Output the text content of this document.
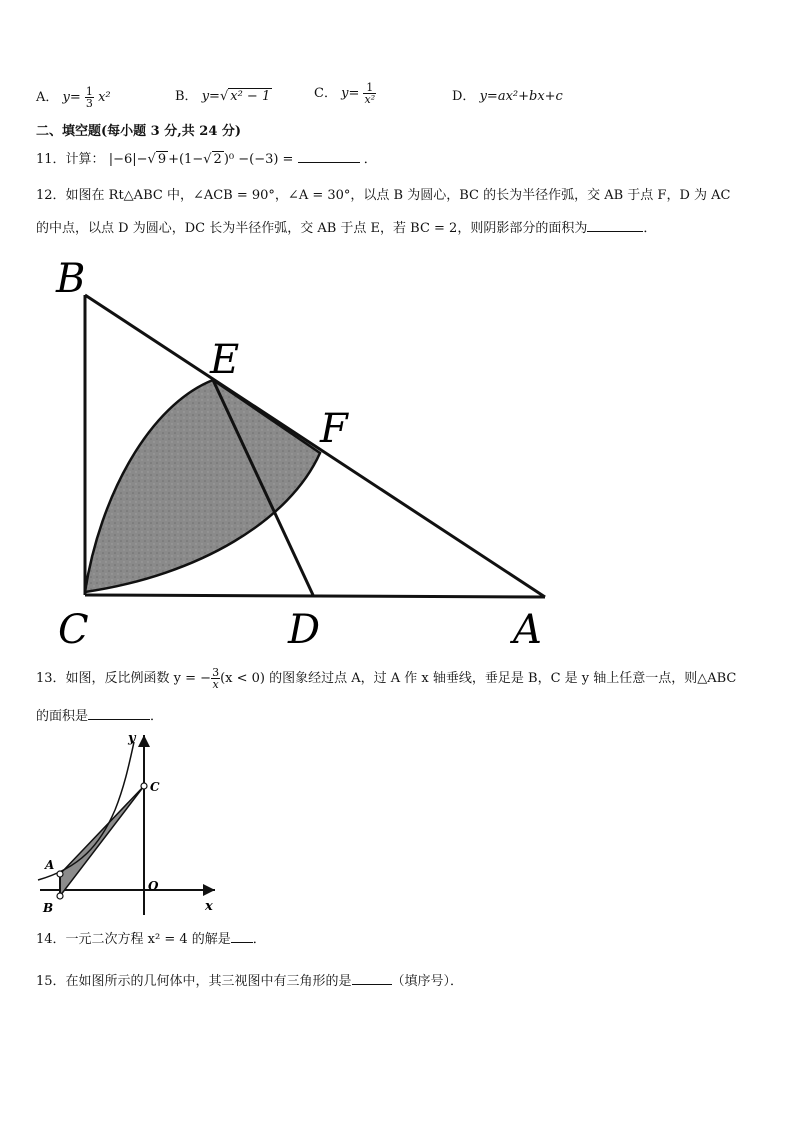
A． $y= \frac{1}{3} x^2$	B． y=√ x² − 1	C． $y= \frac{1}{\text{x²}}$	D． y=ax²+bx+c
二、填空题(每小题 3 分,共 24 分)
11．计算： |−6|−√ 9 +(1−√ 2 )⁰ −(−3) =	．
12．如图在 Rt△ABC 中，∠ACB = 90°，∠A = 30°，以点 B 为圆心，BC 的长为半径作弧，交 AB 于点 F，D 为 AC
的中点，以点 D 为圆心，DC 长为半径作弧，交 AB 于点 E，若 BC = 2，则阴影部分的面积为	．
B
E
F
C	D	A
13．如图，反比例函数 y = − $\frac{3}{x} (x < 0)$ 的图象经过点 A，过 A 作 x 轴垂线，垂足是 B，C 是 y 轴上任意一点，则△ABC
的面积是	．
y
x
C
O
A
B
14．一元二次方程 x² = 4 的解是 ．
15．在如图所示的几何体中，其三视图中有三角形的是	（填序号）．
